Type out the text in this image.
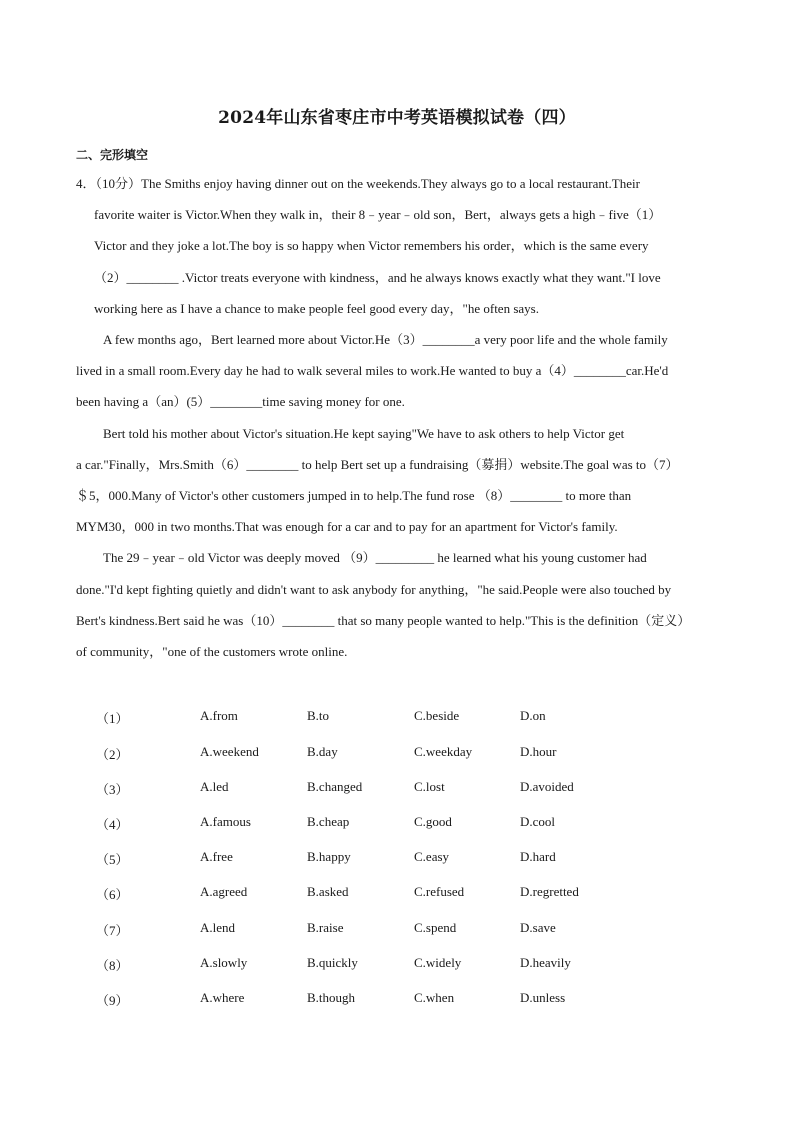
2024年山东省枣庄市中考英语模拟试卷（四）
二、完形填空
4．（10分）The Smiths enjoy having dinner out on the weekends.They always go to a local restaurant.Their
favorite waiter is Victor.When they walk in，their 8﹣year﹣old son，Bert，always gets a high﹣five（1）
Victor and they joke a lot.The boy is so happy when Victor remembers his order，which is the same every
（2）________ .Victor treats everyone with kindness，and he always knows exactly what they want."I love
working here as I have a chance to make people feel good every day，"he often says.
A few months ago，Bert learned more about Victor.He（3）________a very poor life and the whole family
lived in a small room.Every day he had to walk several miles to work.He wanted to buy a（4）________car.He'd
been having a（an）(5）________time saving money for one.
Bert told his mother about Victor's situation.He kept saying"We have to ask others to help Victor get
a car."Finally，Mrs.Smith（6）________ to help Bert set up a fundraising（募捐）website.The goal was to（7）
＄5，000.Many of Victor's other customers jumped in to help.The fund rose （8）________ to more than
MYM30，000 in two months.That was enough for a car and to pay for an apartment for Victor's family.
The 29﹣year﹣old Victor was deeply moved （9）_________ he learned what his young customer had
done."I'd kept fighting quietly and didn't want to ask anybody for anything，"he said.People were also touched by
Bert's kindness.Bert said he was（10）________ that so many people wanted to help."This is the definition（定义）
of community，"one of the customers wrote online.
（1）	A.from	B.to	C.beside	D.on
（2）	A.weekend	B.day	C.weekday	D.hour
（3）	A.led	B.changed	C.lost	D.avoided
（4）	A.famous	B.cheap	C.good	D.cool
（5）	A.free	B.happy	C.easy	D.hard
（6）	A.agreed	B.asked	C.refused	D.regretted
（7）	A.lend	B.raise	C.spend	D.save
（8）	A.slowly	B.quickly	C.widely	D.heavily
（9）	A.where	B.though	C.when	D.unless
